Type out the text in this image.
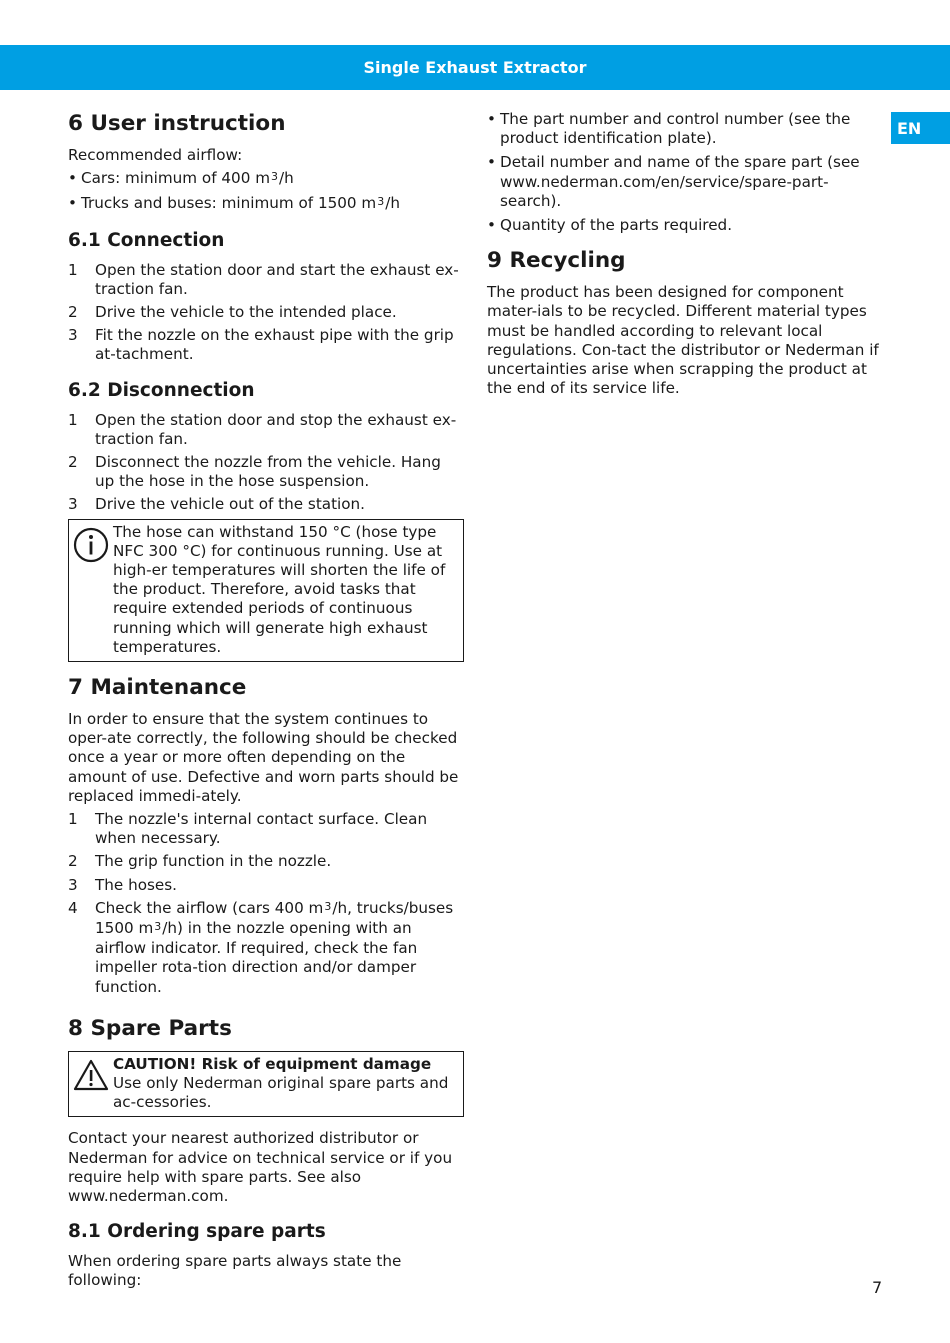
Single Exhaust Extractor
EN
6 User instruction

Recommended airflow:

• Cars: minimum of 400 $m^3/h$
• Trucks and buses: minimum of 1500 $m^3/h$
6.1 Connection
1	Open the station door and start the exhaust ex-traction fan.
2	Drive the vehicle to the intended place.
3	Fit the nozzle on the exhaust pipe with the grip at-tachment.
6.2 Disconnection
1	Open the station door and stop the exhaust ex-traction fan.
2	Disconnect the nozzle from the vehicle. Hang up the hose in the hose suspension.
3	Drive the vehicle out of the station.
The hose can withstand 150 °C (hose type NFC 300 °C) for continuous running. Use at high-er temperatures will shorten the life of the product. Therefore, avoid tasks that require extended periods of continuous running which will generate high exhaust temperatures.
7 Maintenance

In order to ensure that the system continues to oper-ate correctly, the following should be checked once a year or more often depending on the amount of use. Defective and worn parts should be replaced immedi-ately.

1	The nozzle's internal contact surface. Clean when necessary.
2	The grip function in the nozzle.
3	The hoses.
4	Check the airflow (cars 400 $m^3/h$, trucks/buses 1500 $m^3/h$) in the nozzle opening with an airflow indicator. If required, check the fan impeller rota-tion direction and/or damper function.
8 Spare Parts
CAUTION! Risk of equipment damage
Use only Nederman original spare parts and ac-cessories.

Contact your nearest authorized distributor or Nederman for advice on technical service or if you require help with spare parts. See also www.nederman.com.

8.1 Ordering spare parts

When ordering spare parts always state the following:

• The part number and control number (see the product identification plate).
• Detail number and name of the spare part (see www.nederman.com/en/service/spare-part-search).
• Quantity of the parts required.
9 Recycling

The product has been designed for component mater-ials to be recycled. Different material types must be handled according to relevant local regulations. Con-tact the distributor or Nederman if uncertainties arise when scrapping the product at the end of its service life.

7
